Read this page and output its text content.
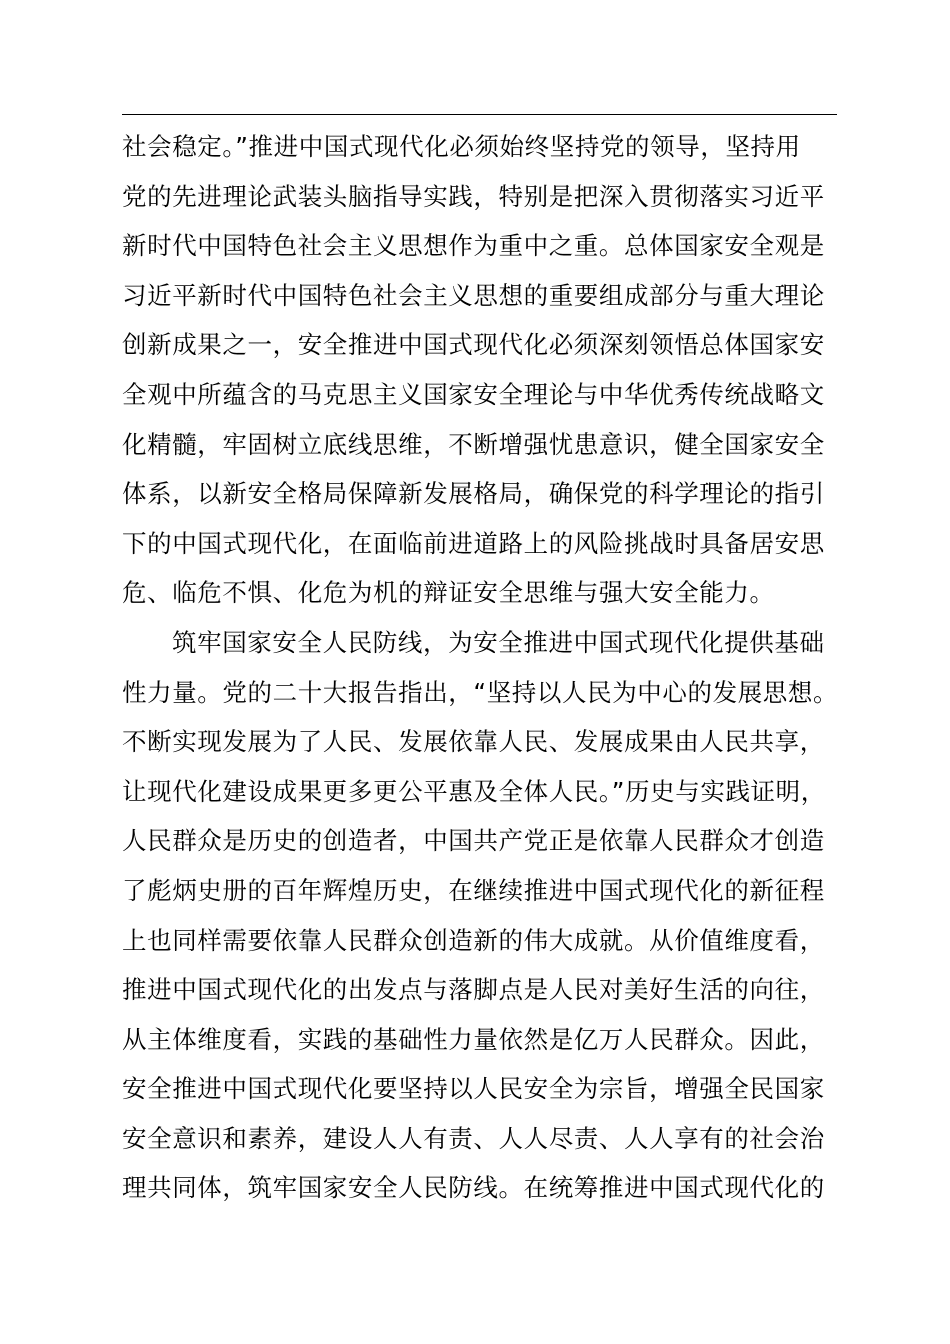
社会稳定。”推进中国式现代化必须始终坚持党的领导，坚持用
党的先进理论武装头脑指导实践，特别是把深入贯彻落实习近平
新时代中国特色社会主义思想作为重中之重。总体国家安全观是
习近平新时代中国特色社会主义思想的重要组成部分与重大理论
创新成果之一，安全推进中国式现代化必须深刻领悟总体国家安
全观中所蕴含的马克思主义国家安全理论与中华优秀传统战略文
化精髓，牢固树立底线思维，不断增强忧患意识，健全国家安全
体系，以新安全格局保障新发展格局，确保党的科学理论的指引
下的中国式现代化，在面临前进道路上的风险挑战时具备居安思
危、临危不惧、化危为机的辩证安全思维与强大安全能力。
筑牢国家安全人民防线，为安全推进中国式现代化提供基础
性力量。党的二十大报告指出，“坚持以人民为中心的发展思想。
不断实现发展为了人民、发展依靠人民、发展成果由人民共享，
让现代化建设成果更多更公平惠及全体人民。”历史与实践证明，
人民群众是历史的创造者，中国共产党正是依靠人民群众才创造
了彪炳史册的百年辉煌历史，在继续推进中国式现代化的新征程
上也同样需要依靠人民群众创造新的伟大成就。从价值维度看，
推进中国式现代化的出发点与落脚点是人民对美好生活的向往，
从主体维度看，实践的基础性力量依然是亿万人民群众。因此，
安全推进中国式现代化要坚持以人民安全为宗旨，增强全民国家
安全意识和素养，建设人人有责、人人尽责、人人享有的社会治
理共同体，筑牢国家安全人民防线。在统筹推进中国式现代化的
